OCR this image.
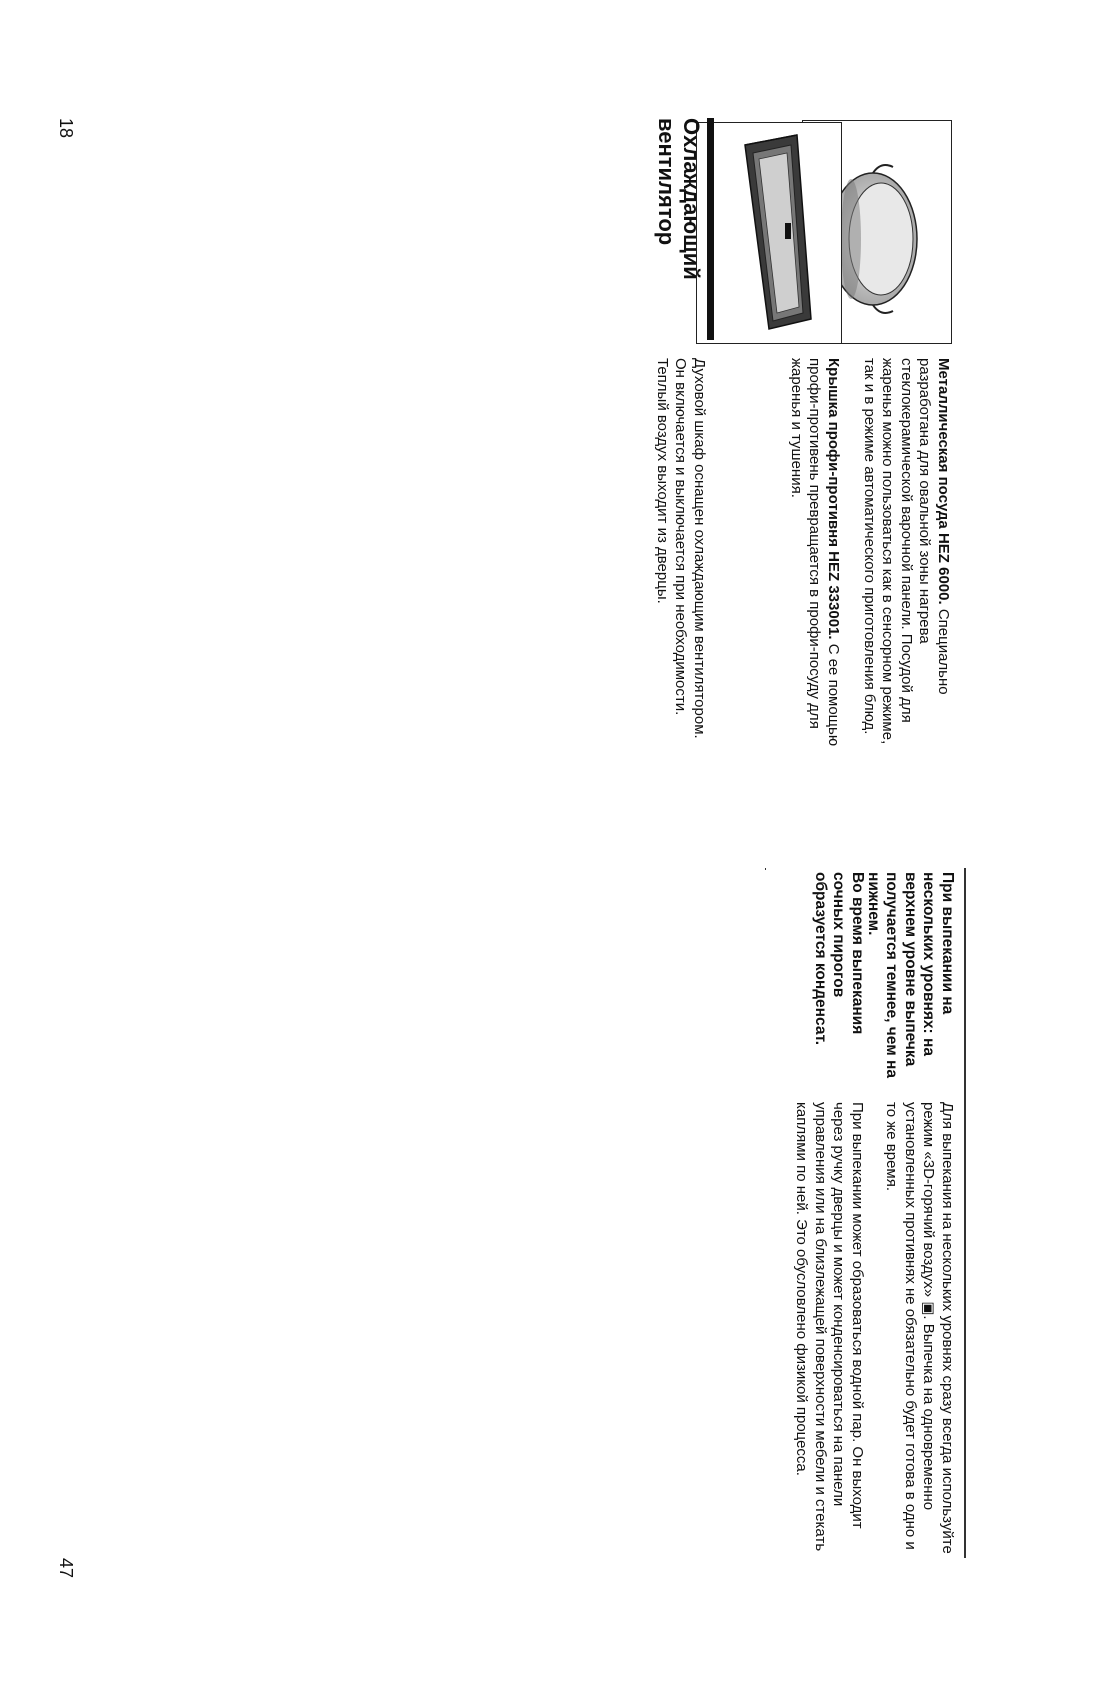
18
47
Металлическая посуда HEZ 6000. Специально разработана для овальной зоны нагрева стеклокерамической варочной панели. Посудой для жаренья можно пользоваться как в сенсорном режиме, так и в режиме автоматического приготовления блюд.
Крышка профи-противня HEZ 333001. С ее помощью профи-противень превращается в профи-посуду для жаренья и тушения.
Охлаждающий вентилятор
Духовой шкаф оснащен охлаждающим вентилятором. Он включается и выключается при необходимости. Теплый воздух выходит из дверцы.
При выпекании на нескольких уровнях: на верхнем уровне выпечка получается темнее, чем на нижнем.
Для выпекания на нескольких уровнях сразу всегда используйте режим «3D-горячий воздух» ▣. Выпечка на одновременно установленных противнях не обязательно будет готова в одно и то же время.
Во время выпекания сочных пирогов образуется конденсат.
При выпекании может образоваться водной пар. Он выходит через ручку дверцы и может конденсироваться на панели управления или на близлежащей поверхности мебели и стекать каплями по ней. Это обусловлено физикой процесса.
